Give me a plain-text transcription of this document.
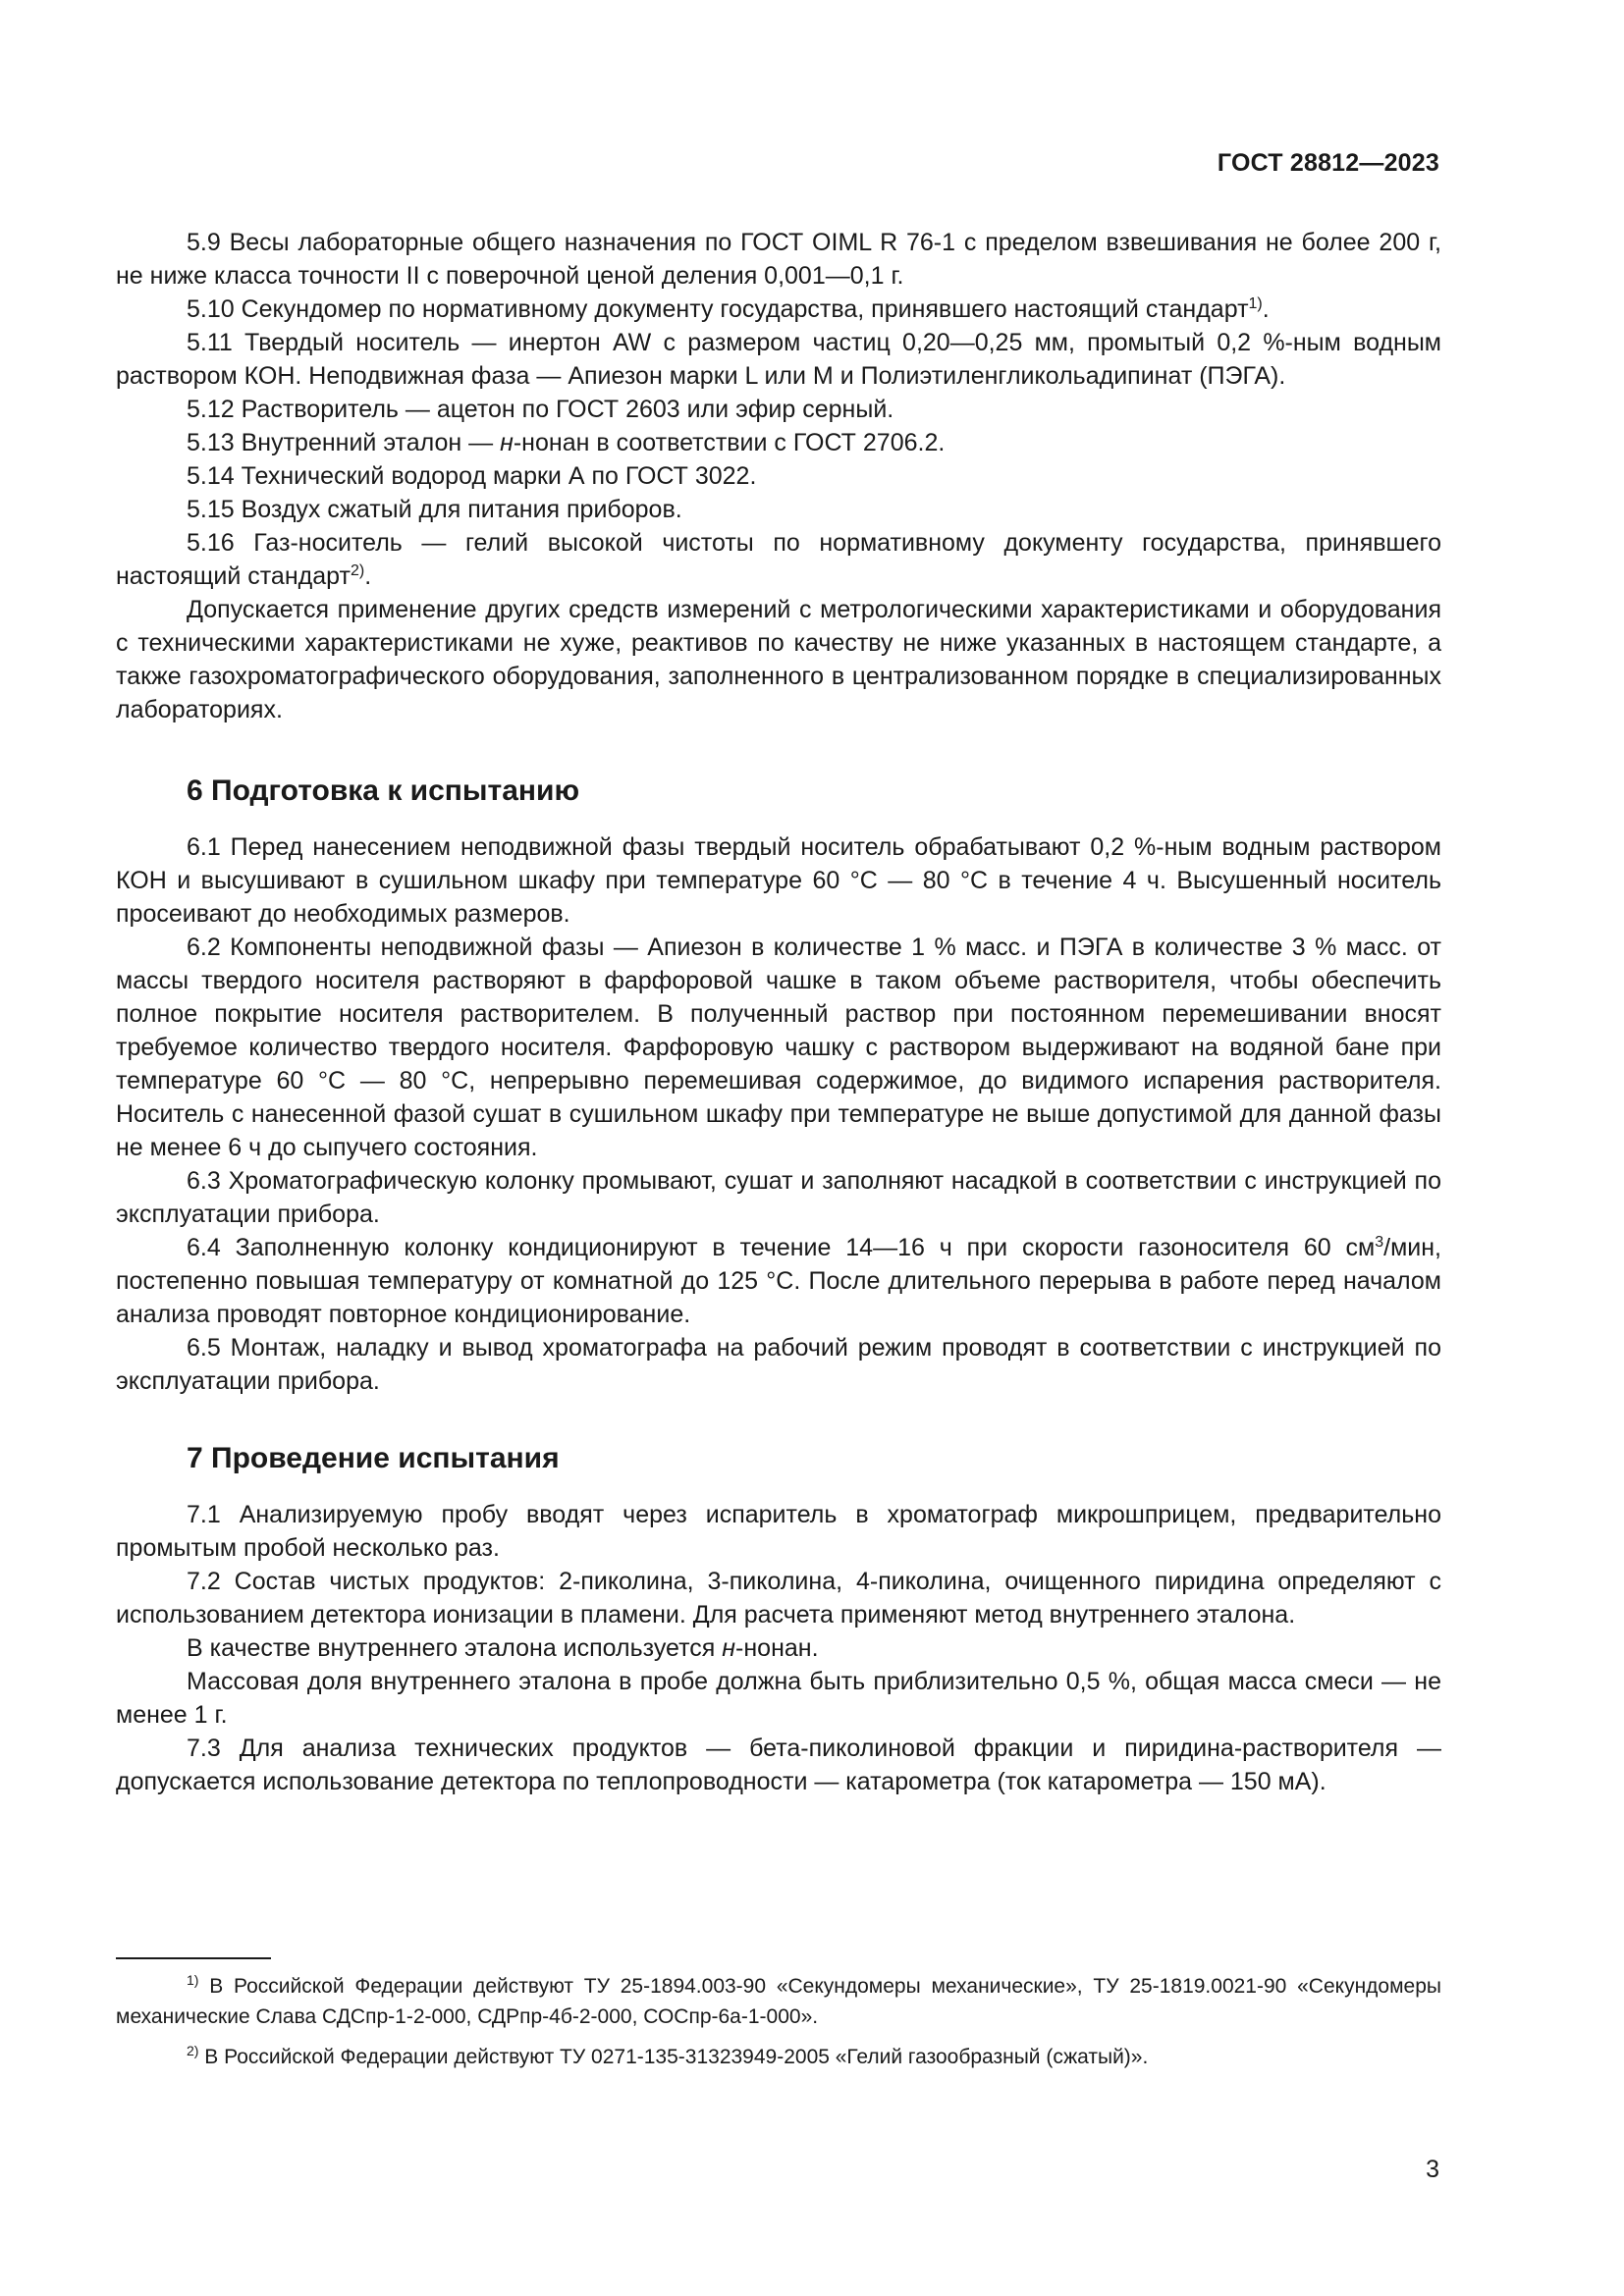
ГОСТ 28812—2023

5.9 Весы лабораторные общего назначения по ГОСТ OIML R 76-1 с пределом взвешивания не более 200 г, не ниже класса точности II с поверочной ценой деления 0,001—0,1 г.

5.10 Секундомер по нормативному документу государства, принявшего настоящий стандарт$^{1)}$.

5.11 Твердый носитель — инертон AW с размером частиц 0,20—0,25 мм, промытый 0,2 %-ным водным раствором КОН. Неподвижная фаза — Апиезон марки L или M и Полиэтиленгликольадипинат (ПЭГА).

5.12 Растворитель — ацетон по ГОСТ 2603 или эфир серный.

5.13 Внутренний эталон — н-нонан в соответствии с ГОСТ 2706.2.

5.14 Технический водород марки А по ГОСТ 3022.

5.15 Воздух сжатый для питания приборов.

5.16 Газ-носитель — гелий высокой чистоты по нормативному документу государства, принявшего настоящий стандарт$^{2)}$.

Допускается применение других средств измерений с метрологическими характеристиками и оборудования с техническими характеристиками не хуже, реактивов по качеству не ниже указанных в настоящем стандарте, а также газохроматографического оборудования, заполненного в централизованном порядке в специализированных лабораториях.

6 Подготовка к испытанию

6.1 Перед нанесением неподвижной фазы твердый носитель обрабатывают 0,2 %-ным водным раствором КОН и высушивают в сушильном шкафу при температуре 60 °С — 80 °С в течение 4 ч. Высушенный носитель просеивают до необходимых размеров.

6.2 Компоненты неподвижной фазы — Апиезон в количестве 1 % масс. и ПЭГА в количестве 3 % масс. от массы твердого носителя растворяют в фарфоровой чашке в таком объеме растворителя, чтобы обеспечить полное покрытие носителя растворителем. В полученный раствор при постоянном перемешивании вносят требуемое количество твердого носителя. Фарфоровую чашку с раствором выдерживают на водяной бане при температуре 60 °С — 80 °С, непрерывно перемешивая содержимое, до видимого испарения растворителя. Носитель с нанесенной фазой сушат в сушильном шкафу при температуре не выше допустимой для данной фазы не менее 6 ч до сыпучего состояния.

6.3 Хроматографическую колонку промывают, сушат и заполняют насадкой в соответствии с инструкцией по эксплуатации прибора.

6.4 Заполненную колонку кондиционируют в течение 14—16 ч при скорости газоносителя 60 $см^3$/мин, постепенно повышая температуру от комнатной до 125 °С. После длительного перерыва в работе перед началом анализа проводят повторное кондиционирование.

6.5 Монтаж, наладку и вывод хроматографа на рабочий режим проводят в соответствии с инструкцией по эксплуатации прибора.

7 Проведение испытания

7.1 Анализируемую пробу вводят через испаритель в хроматограф микрошприцем, предварительно промытым пробой несколько раз.

7.2 Состав чистых продуктов: 2-пиколина, 3-пиколина, 4-пиколина, очищенного пиридина определяют с использованием детектора ионизации в пламени. Для расчета применяют метод внутреннего эталона.

В качестве внутреннего эталона используется н-нонан.

Массовая доля внутреннего эталона в пробе должна быть приблизительно 0,5 %, общая масса смеси — не менее 1 г.

7.3 Для анализа технических продуктов — бета-пиколиновой фракции и пиридина-растворителя — допускается использование детектора по теплопроводности — катарометра (ток катарометра — 150 мА).

$^{1)}$ В Российской Федерации действуют ТУ 25-1894.003-90 «Секундомеры механические», ТУ 25-1819.0021-90 «Секундомеры механические Слава СДСпр-1-2-000, СДРпр-4б-2-000, СОСпр-6а-1-000».

$^{2)}$ В Российской Федерации действуют ТУ 0271-135-31323949-2005 «Гелий газообразный (сжатый)».

3
